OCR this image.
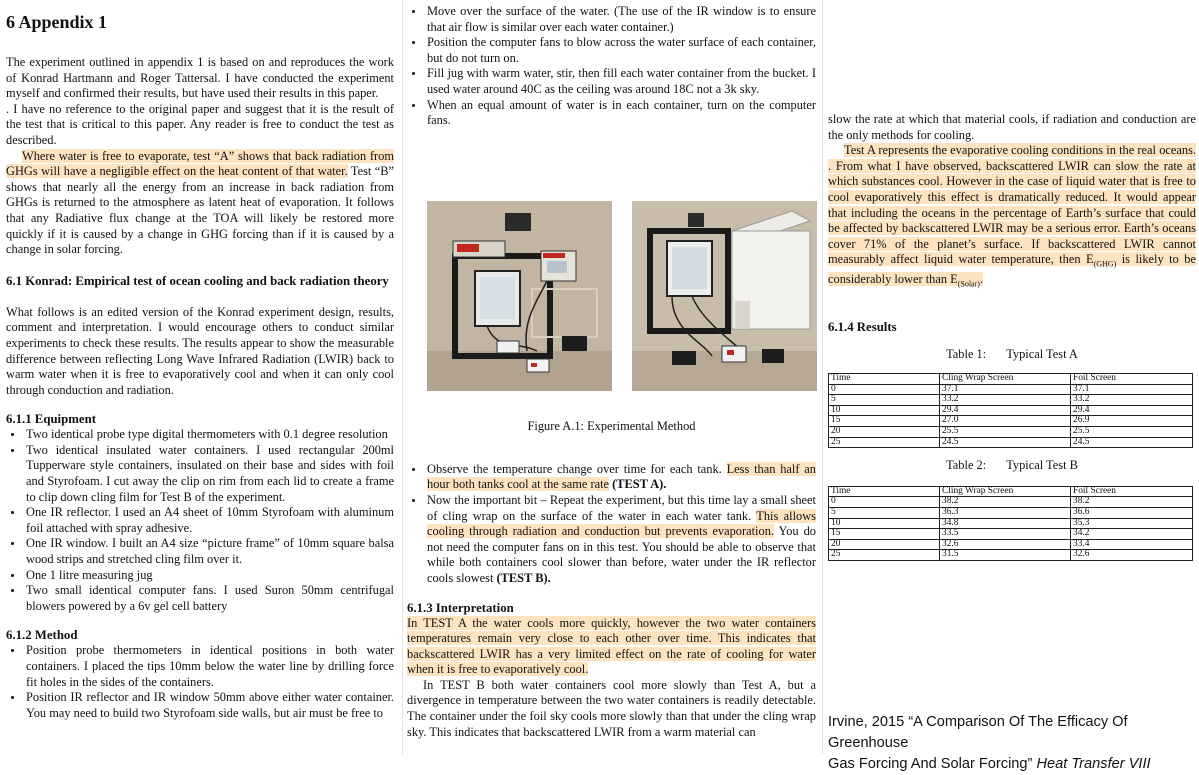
6 Appendix 1

The experiment outlined in appendix 1 is based on and reproduces the work of Konrad Hartmann and Roger Tattersal. I have conducted the experiment myself and confirmed their results, but have used their results in this paper.

. I have no reference to the original paper and suggest that it is the result of the test that is critical to this paper. Any reader is free to conduct the test as described.

Where water is free to evaporate, test “A” shows that back radiation from GHGs will have a negligible effect on the heat content of that water. Test “B” shows that nearly all the energy from an increase in back radiation from GHGs is returned to the atmosphere as latent heat of evaporation. It follows that any Radiative flux change at the TOA will likely be restored more quickly if it is caused by a change in GHG forcing than if it is caused by a change in solar forcing.

6.1 Konrad: Empirical test of ocean cooling and back radiation theory

What follows is an edited version of the Konrad experiment design, results, comment and interpretation. I would encourage others to conduct similar experiments to check these results. The results appear to show the measurable difference between reflecting Long Wave Infrared Radiation (LWIR) back to warm water when it is free to evaporatively cool and when it can only cool through conduction and radiation.

6.1.1 Equipment
• Two identical probe type digital thermometers with 0.1 degree resolution
• Two identical insulated water containers. I used rectangular 200ml Tupperware style containers, insulated on their base and sides with foil and Styrofoam. I cut away the clip on rim from each lid to create a frame to clip down cling film for Test B of the experiment.
• One IR reflector. I used an A4 sheet of 10mm Styrofoam with aluminum foil attached with spray adhesive.
• One IR window. I built an A4 size “picture frame” of 10mm square balsa wood strips and stretched cling film over it.
• One 1 litre measuring jug
• Two small identical computer fans. I used Suron 50mm centrifugal blowers powered by a 6v gel cell battery
6.1.2 Method
• Position probe thermometers in identical positions in both water containers. I placed the tips 10mm below the water line by drilling force fit holes in the sides of the containers.
• Position IR reflector and IR window 50mm above either water container. You may need to build two Styrofoam side walls, but air must be free to
• Move over the surface of the water. (The use of the IR window is to ensure that air flow is similar over each water container.)
• Position the computer fans to blow across the water surface of each container, but do not turn on.
• Fill jug with warm water, stir, then fill each water container from the bucket. I used water around 40C as the ceiling was around 18C not a 3k sky.
• When an equal amount of water is in each container, turn on the computer fans.
Figure A.1: Experimental Method
• Observe the temperature change over time for each tank. Less than half an hour both tanks cool at the same rate (TEST A).
• Now the important bit – Repeat the experiment, but this time lay a small sheet of cling wrap on the surface of the water in each water tank. This allows cooling through radiation and conduction but prevents evaporation. You do not need the computer fans on in this test. You should be able to observe that while both containers cool slower than before, water under the IR reflector cools slowest (TEST B).
6.1.3 Interpretation

In TEST A the water cools more quickly, however the two water containers temperatures remain very close to each other over time. This indicates that backscattered LWIR has a very limited effect on the rate of cooling for water when it is free to evaporatively cool.

In TEST B both water containers cool more slowly than Test A, but a divergence in temperature between the two water containers is readily detectable. The container under the foil sky cools more slowly than that under the cling wrap sky. This indicates that backscattered LWIR from a warm material can

slow the rate at which that material cools, if radiation and conduction are the only methods for cooling.

Test A represents the evaporative cooling conditions in the real oceans. . From what I have observed, backscattered LWIR can slow the rate at which substances cool. However in the case of liquid water that is free to cool evaporatively this effect is dramatically reduced. It would appear that including the oceans in the percentage of Earth’s surface that could be affected by backscattered LWIR may be a serious error. Earth’s oceans cover 71% of the planet’s surface. If backscattered LWIR cannot measurably affect liquid water temperature, then $E_{(GHG)}$ is likely to be considerably lower than $E_{(Solar)}$.

6.1.4 Results

Table 1: Typical Test A

Time	Cling Wrap Screen	Foil Screen
0	37.1	37.1
5	33.2	33.2
10	29.4	29.4
15	27.0	26.9
20	25.5	25.5
25	24.5	24.5

Table 2: Typical Test B

Time	Cling Wrap Screen	Foil Screen
0	38.2	38.2
5	36.3	36.6
10	34.8	35.3
15	33.5	34.2
20	32.6	33.4
25	31.5	32.6
Irvine, 2015 “A Comparison Of The Efficacy Of Greenhouse
Gas Forcing And Solar Forcing” Heat Transfer VIII
